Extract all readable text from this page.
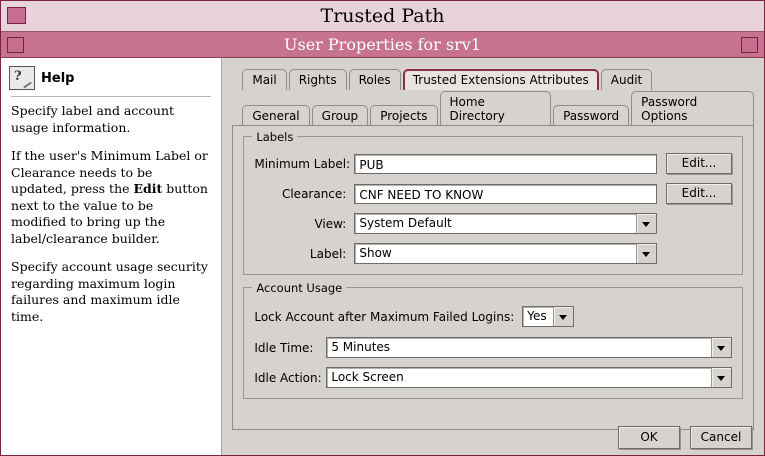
Trusted Path
User Properties for srv1
?
Help

Specify label and account usage information.

If the user's Minimum Label or Clearance needs to be updated, press the Edit button next to the value to be modified to bring up the label/clearance builder.

Specify account usage security regarding maximum login failures and maximum idle time.

Mail	Rights	Roles	Trusted Extensions Attributes	Audit
General	Group	Projects
Home Directory	Password
Password Options
Labels
Minimum Label: PUB	Edit...
Clearance:	CNF NEED TO KNOW	Edit...
View:	System Default
Label:	Show
Account Usage
Lock Account after Maximum Failed Logins:	Yes
Idle Time:	5 Minutes
Idle Action: Lock Screen
OK	Cancel
